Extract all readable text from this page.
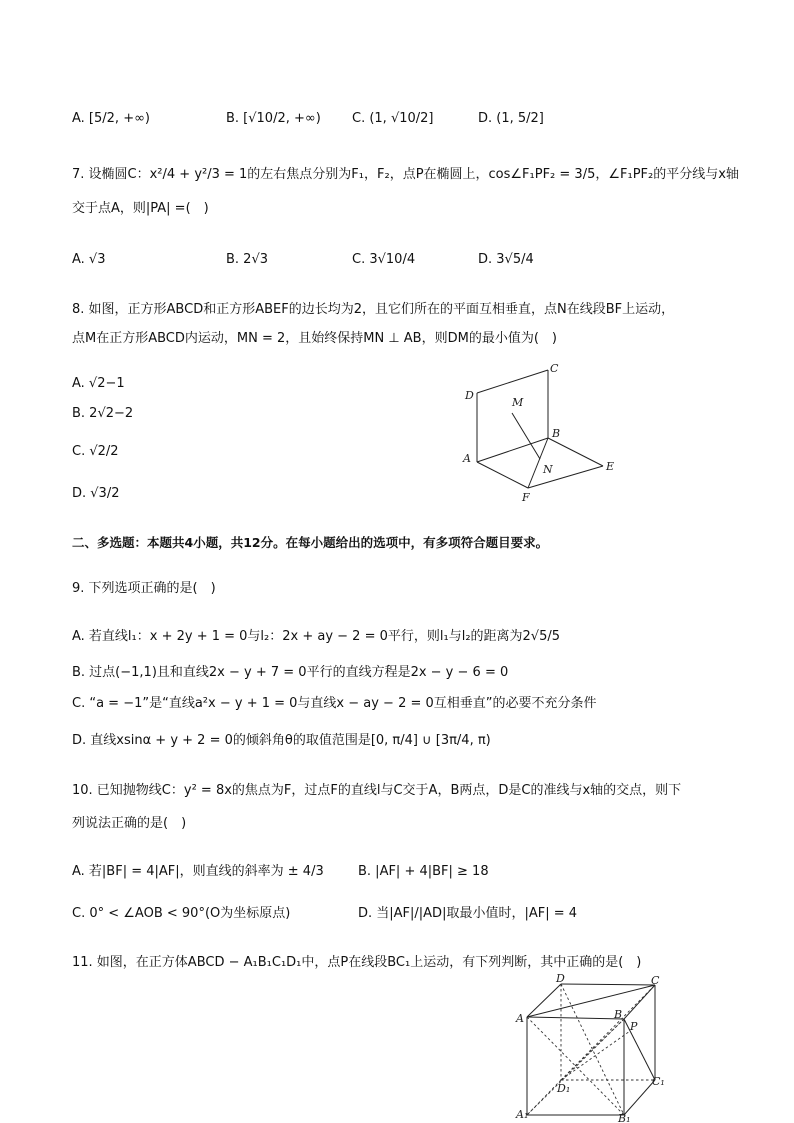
A. [5/2, +∞)	B. [√10/2, +∞) C. (1, √10/2]	D. (1, 5/2]
7. 设椭圆C：x²/4 + y²/3 = 1的左右焦点分别为F₁，F₂，点P在椭圆上，cos∠F₁PF₂ = 3/5，∠F₁PF₂的平分线与x轴
交于点A，则|PA| =(　)
A. √3	B. 2√3	C. 3√10/4	D. 3√5/4
8. 如图，正方形ABCD和正方形ABEF的边长均为2，且它们所在的平面互相垂直，点N在线段BF上运动，
点M在正方形ABCD内运动，MN = 2，且始终保持MN ⊥ AB，则DM的最小值为(　)
A. √2−1
B. 2√2−2
C. √2/2
D. √3/2
C
D
M
B
A
N	E
F
二、多选题：本题共4小题，共12分。在每小题给出的选项中，有多项符合题目要求。
9. 下列选项正确的是(　)
A. 若直线l₁：x + 2y + 1 = 0与l₂：2x + ay − 2 = 0平行，则l₁与l₂的距离为2√5/5
B. 过点(−1,1)且和直线2x − y + 7 = 0平行的直线方程是2x − y − 6 = 0
C. “a = −1”是“直线a²x − y + 1 = 0与直线x − ay − 2 = 0互相垂直”的必要不充分条件
D. 直线xsinα + y + 2 = 0的倾斜角θ的取值范围是[0, π/4] ∪ [3π/4, π)
10. 已知抛物线C：y² = 8x的焦点为F，过点F的直线l与C交于A，B两点，D是C的准线与x轴的交点，则下
列说法正确的是(　)
A. 若|BF| = 4|AF|，则直线的斜率为 ± 4/3	B. |AF| + 4|BF| ≥ 18
C. 0° < ∠AOB < 90°(O为坐标原点)	D. 当|AF|/|AD|取最小值时，|AF| = 4
11. 如图，在正方体ABCD − A₁B₁C₁D₁中，点P在线段BC₁上运动，有下列判断，其中正确的是(　)
D	C
A	B
P
D₁
C₁
A₁	B₁
